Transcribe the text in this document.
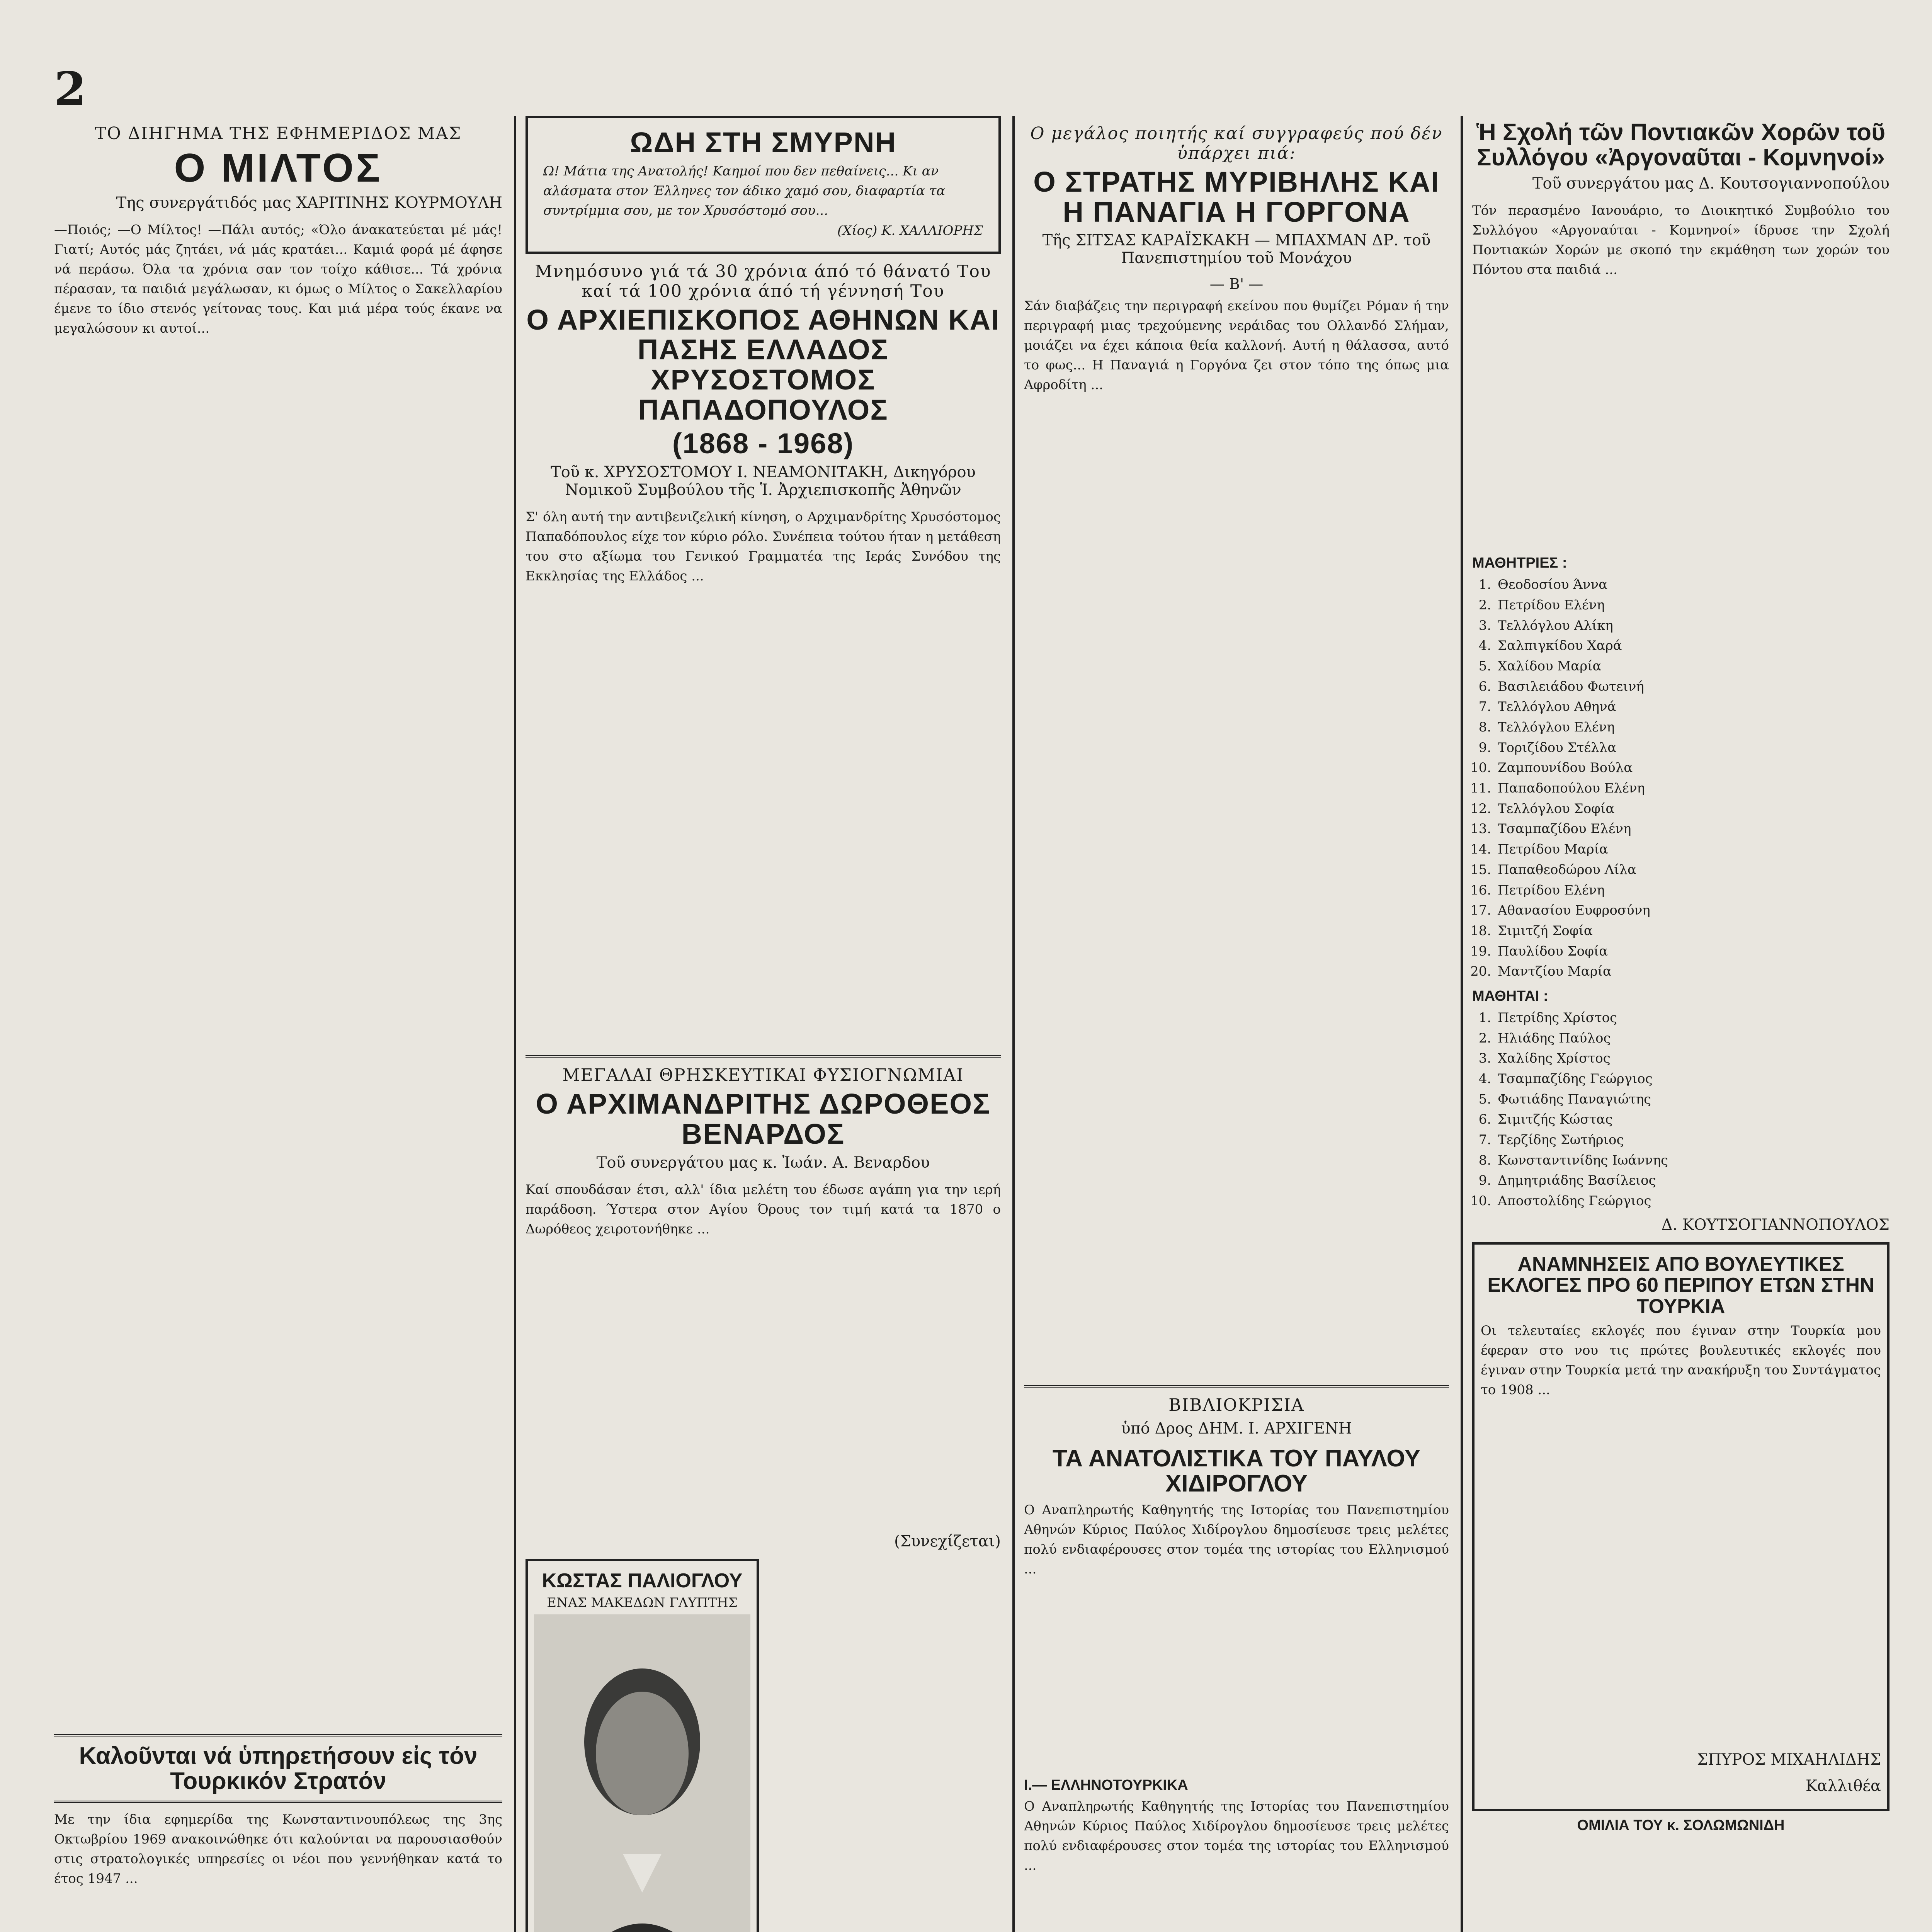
2
ΤΟ ΔΙΗΓΗΜΑ ΤΗΣ ΕΦΗΜΕΡΙΔΟΣ ΜΑΣ
Ο ΜΙΛΤΟΣ
Της συνεργάτιδός μας ΧΑΡΙΤΙΝΗΣ ΚΟΥΡΜΟΥΛΗ

—Ποιός; —Ο Μίλτος! —Πάλι αυτός; «Όλο άνακατεύεται μέ μάς! Γιατί; Αυτός μάς ζητάει, νά μάς κρατάει... Καμιά φορά μέ άφησε νά περάσω. Όλα τα χρόνια σαν τον τοίχο κάθισε... Τά χρόνια πέρασαν, τα παιδιά μεγάλωσαν, κι όμως ο Μίλτος ο Σακελλαρίου έμενε το ίδιο στενός γείτονας τους. Και μιά μέρα τούς έκανε να μεγαλώσουν κι αυτοί...

Καλοῦνται νά ὑπηρετήσουν εἰς τόν Τουρκικόν Στρατόν

Με την ίδια εφημερίδα της Κωνσταντινουπόλεως της 3ης Οκτωβρίου 1969 ανακοινώθηκε ότι καλούνται να παρουσιασθούν στις στρατολογικές υπηρεσίες οι νέοι που γεννήθηκαν κατά το έτος 1947 ...

ΩΔΗ ΣΤΗ ΣΜΥΡΝΗ

Ω! Μάτια της Ανατολής! Καημοί που δεν πεθαίνεις... Κι αν αλάσματα στον Έλληνες τον άδικο χαμό σου, διαφαρτία τα συντρίμμια σου, με τον Χρυσόστομό σου...

(Χίος) Κ. ΧΑΛΛΙΟΡΗΣ
Μνημόσυνο γιά τά 30 χρόνια άπό τό θάνατό Του καί τά 100 χρόνια άπό τή γέννησή Του
Ο ΑΡΧΙΕΠΙΣΚΟΠΟΣ ΑΘΗΝΩΝ ΚΑΙ ΠΑΣΗΣ ΕΛΛΑΔΟΣ ΧΡΥΣΟΣΤΟΜΟΣ ΠΑΠΑΔΟΠΟΥΛΟΣ
(1868 - 1968)
Τοῦ κ. ΧΡΥΣΟΣΤΟΜΟΥ Ι. ΝΕΑΜΟΝΙΤΑΚΗ, Δικηγόρου Νομικοῦ Συμβούλου τῆς Ἱ. Ἀρχιεπισκοπῆς Ἀθηνῶν

Σ' όλη αυτή την αντιβενιζελική κίνηση, ο Αρχιμανδρίτης Χρυσόστομος Παπαδόπουλος είχε τον κύριο ρόλο. Συνέπεια τούτου ήταν η μετάθεση του στο αξίωμα του Γενικού Γραμματέα της Ιεράς Συνόδου της Εκκλησίας της Ελλάδος ...

ΜΕΓΑΛΑΙ ΘΡΗΣΚΕΥΤΙΚΑΙ ΦΥΣΙΟΓΝΩΜΙΑΙ
Ο ΑΡΧΙΜΑΝΔΡΙΤΗΣ ΔΩΡΟΘΕΟΣ ΒΕΝΑΡΔΟΣ
Τοῦ συνεργάτου μας κ. Ἰωάν. Α. Βεναρδου

Καί σπουδάσαν έτσι, αλλ' ίδια μελέτη του έδωσε αγάπη για την ιερή παράδοση. Ύστερα στον Αγίου Όρους τον τιμή κατά τα 1870 ο Δωρόθεος χειροτονήθηκε ...

(Συνεχίζεται)
ΚΩΣΤΑΣ ΠΑΛΙΟΓΛΟΥ
ΕΝΑΣ ΜΑΚΕΔΩΝ ΓΛΥΠΤΗΣ

Ο μεγάλος ποιητής καί συγγραφεύς πού δέν ὑπάρχει πιά:
Ο ΣΤΡΑΤΗΣ ΜΥΡΙΒΗΛΗΣ ΚΑΙ Η ΠΑΝΑΓΙΑ Η ΓΟΡΓΟΝΑ
Τῆς ΣΙΤΣΑΣ ΚΑΡΑΪΣΚΑΚΗ — ΜΠΑΧΜΑΝ ΔΡ. τοῦ Πανεπιστημίου τοῦ Μονάχου
— Β' —

Σάν διαβάζεις την περιγραφή εκείνου που θυμίζει Ρόμαν ή την περιγραφή μιας τρεχούμενης νεράιδας του Ολλανδό Σλήμαν, μοιάζει να έχει κάποια θεία καλλονή. Αυτή η θάλασσα, αυτό το φως... Η Παναγιά η Γοργόνα ζει στον τόπο της όπως μια Αφροδίτη ...

ΒΙΒΛΙΟΚΡΙΣΙΑ
ὑπό Δρος ΔΗΜ. Ι. ΑΡΧΙΓΕΝΗ
ΤΑ ΑΝΑΤΟΛΙΣΤΙΚΑ ΤΟΥ ΠΑΥΛΟΥ ΧΙΔΙΡΟΓΛΟΥ

Ο Αναπληρωτής Καθηγητής της Ιστορίας του Πανεπιστημίου Αθηνών Κύριος Παύλος Χιδίρογλου δημοσίευσε τρεις μελέτες πολύ ενδιαφέρουσες στον τομέα της ιστορίας του Ελληνισμού ...

Ι.— ΕΛΛΗΝΟΤΟΥΡΚΙΚΑ

Ο Αναπληρωτής Καθηγητής της Ιστορίας του Πανεπιστημίου Αθηνών Κύριος Παύλος Χιδίρογλου δημοσίευσε τρεις μελέτες πολύ ενδιαφέρουσες στον τομέα της ιστορίας του Ελληνισμού ...

Ἡ Σχολή τῶν Ποντιακῶν Χορῶν τοῦ Συλλόγου «Ἀργοναῦται - Κομνηνοί»
Τοῦ συνεργάτου μας Δ. Κουτσογιαννοπούλου

Τόν περασμένο Ιανουάριο, το Διοικητικό Συμβούλιο του Συλλόγου «Αργοναύται - Κομνηνοί» ίδρυσε την Σχολή Ποντιακών Χορών με σκοπό την εκμάθηση των χορών του Πόντου στα παιδιά ...

ΜΑΘΗΤΡΙΕΣ :
1. Θεοδοσίου Άννα
2. Πετρίδου Ελένη
3. Τελλόγλου Αλίκη
4. Σαλπιγκίδου Χαρά
5. Χαλίδου Μαρία
6. Βασιλειάδου Φωτεινή
7. Τελλόγλου Αθηνά
8. Τελλόγλου Ελένη
9. Τοριζίδου Στέλλα
10. Ζαμπουνίδου Βούλα
11. Παπαδοπούλου Ελένη
12. Τελλόγλου Σοφία
13. Τσαμπαζίδου Ελένη
14. Πετρίδου Μαρία
15. Παπαθεοδώρου Λίλα
16. Πετρίδου Ελένη
17. Αθανασίου Ευφροσύνη
18. Σιμιτζή Σοφία
19. Παυλίδου Σοφία
20. Μαντζίου Μαρία
ΜΑΘΗΤΑΙ :
1. Πετρίδης Χρίστος
2. Ηλιάδης Παύλος
3. Χαλίδης Χρίστος
4. Τσαμπαζίδης Γεώργιος
5. Φωτιάδης Παναγιώτης
6. Σιμιτζής Κώστας
7. Τερζίδης Σωτήριος
8. Κωνσταντινίδης Ιωάννης
9. Δημητριάδης Βασίλειος
10. Αποστολίδης Γεώργιος
Δ. ΚΟΥΤΣΟΓΙΑΝΝΟΠΟΥΛΟΣ
ΑΝΑΜΝΗΣΕΙΣ ΑΠΟ ΒΟΥΛΕΥΤΙΚΕΣ ΕΚΛΟΓΕΣ ΠΡΟ 60 ΠΕΡΙΠΟΥ ΕΤΩΝ ΣΤΗΝ ΤΟΥΡΚΙΑ

Οι τελευταίες εκλογές που έγιναν στην Τουρκία μου έφεραν στο νου τις πρώτες βουλευτικές εκλογές που έγιναν στην Τουρκία μετά την ανακήρυξη του Συντάγματος το 1908 ...

ΣΠΥΡΟΣ ΜΙΧΑΗΛΙΔΗΣ
Καλλιθέα
ΟΜΙΛΙΑ ΤΟΥ κ. ΣΟΛΩΜΩΝΙΔΗ
